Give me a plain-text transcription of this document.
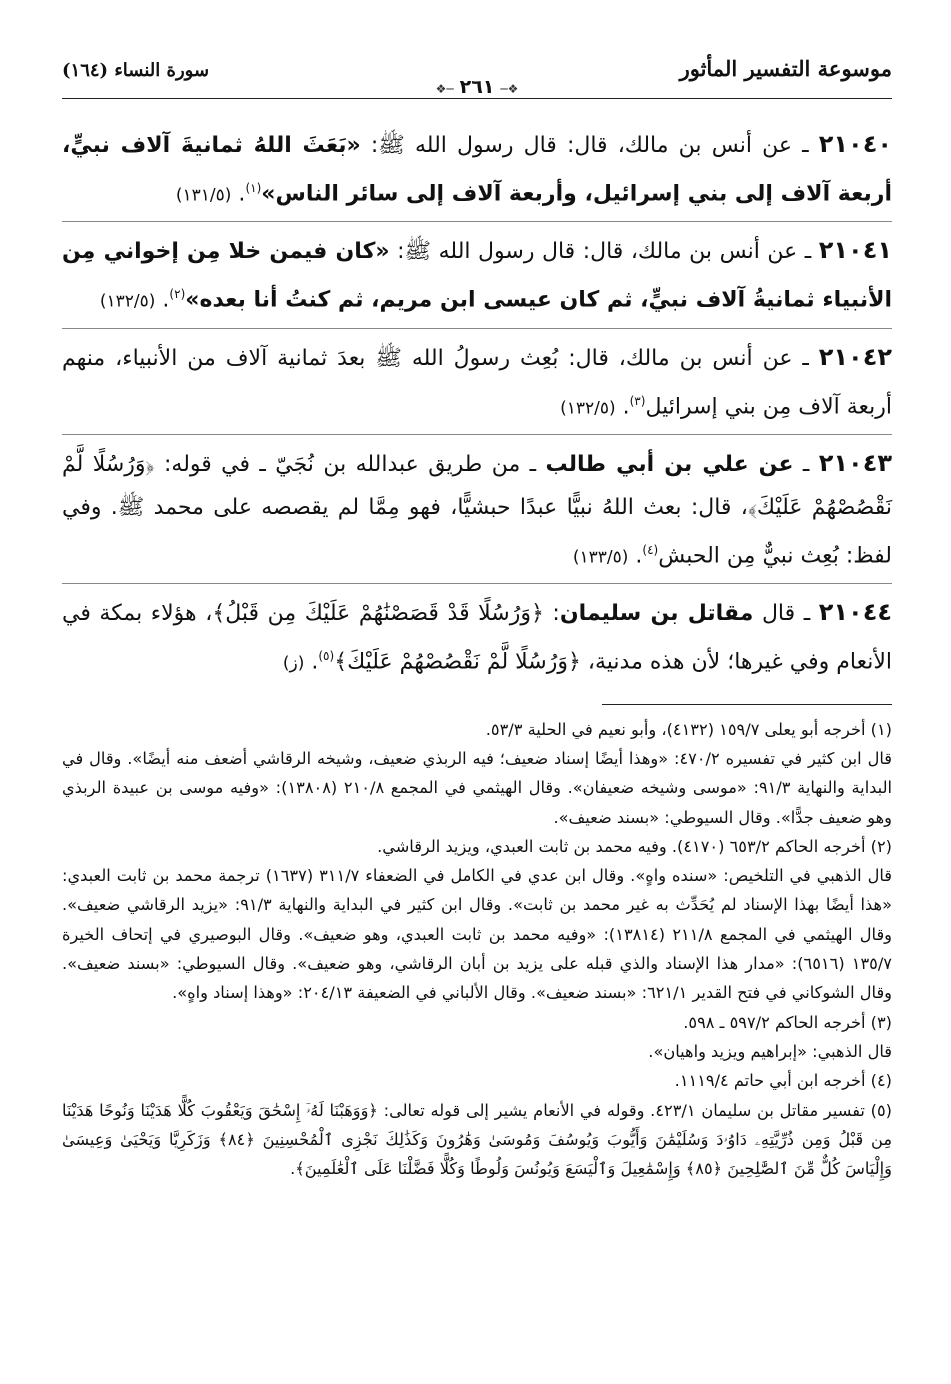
موسوعة التفسير المأثور
❖─٢٦١─❖
سورة النساء (١٦٤)

٢١٠٤٠ ـ عن أنس بن مالك، قال: قال رسول الله ﷺ: «بَعَثَ اللهُ ثمانيةَ آلاف نبيٍّ، أربعة آلاف إلى بني إسرائيل، وأربعة آلاف إلى سائر الناس»$^{(١)}$. (١٣١/٥)

٢١٠٤١ ـ عن أنس بن مالك، قال: قال رسول الله ﷺ: «كان فيمن خلا مِن إخواني مِن الأنبياء ثمانيةُ آلاف نبيٍّ، ثم كان عيسى ابن مريم، ثم كنتُ أنا بعده»$^{(٢)}$. (١٣٢/٥)

٢١٠٤٢ ـ عن أنس بن مالك، قال: بُعِث رسولُ الله ﷺ بعدَ ثمانية آلاف من الأنبياء، منهم أربعة آلاف مِن بني إسرائيل$^{(٣)}$. (١٣٢/٥)

٢١٠٤٣ ـ عن علي بن أبي طالب ـ من طريق عبدالله بن نُجَيّ ـ في قوله: ﴿وَرُسُلًا لَّمْ نَقْصُصْهُمْ عَلَيْكَ﴾، قال: بعث اللهُ نبيًّا عبدًا حبشيًّا، فهو مِمَّا لم يقصصه على محمد ﷺ. وفي لفظ: بُعِث نبيٌّ مِن الحبش$^{(٤)}$. (١٣٣/٥)

٢١٠٤٤ ـ قال مقاتل بن سليمان: ﴿وَرُسُلًا قَدْ قَصَصْنَٰهُمْ عَلَيْكَ مِن قَبْلُ﴾، هؤلاء بمكة في الأنعام وفي غيرها؛ لأن هذه مدنية، ﴿وَرُسُلًا لَّمْ نَقْصُصْهُمْ عَلَيْكَ﴾$^{(٥)}$. (ز)

(١) أخرجه أبو يعلى ١٥٩/٧ (٤١٣٢)، وأبو نعيم في الحلية ٥٣/٣.

قال ابن كثير في تفسيره ٤٧٠/٢: «وهذا أيضًا إسناد ضعيف؛ فيه الربذي ضعيف، وشيخه الرقاشي أضعف منه أيضًا». وقال في البداية والنهاية ٩١/٣: «موسى وشيخه ضعيفان». وقال الهيثمي في المجمع ٢١٠/٨ (١٣٨٠٨): «وفيه موسى بن عبيدة الربذي وهو ضعيف جدًّا». وقال السيوطي: «بسند ضعيف».

(٢) أخرجه الحاكم ٦٥٣/٢ (٤١٧٠). وفيه محمد بن ثابت العبدي، ويزيد الرقاشي.

قال الذهبي في التلخيص: «سنده واهٍ». وقال ابن عدي في الكامل في الضعفاء ٣١١/٧ (١٦٣٧) ترجمة محمد بن ثابت العبدي: «هذا أيضًا بهذا الإسناد لم يُحَدِّث به غير محمد بن ثابت». وقال ابن كثير في البداية والنهاية ٩١/٣: «يزيد الرقاشي ضعيف». وقال الهيثمي في المجمع ٢١١/٨ (١٣٨١٤): «وفيه محمد بن ثابت العبدي، وهو ضعيف». وقال البوصيري في إتحاف الخيرة ١٣٥/٧ (٦٥١٦): «مدار هذا الإسناد والذي قبله على يزيد بن أبان الرقاشي، وهو ضعيف». وقال السيوطي: «بسند ضعيف». وقال الشوكاني في فتح القدير ٦٢١/١: «بسند ضعيف». وقال الألباني في الضعيفة ٢٠٤/١٣: «وهذا إسناد واهٍ».

(٣) أخرجه الحاكم ٥٩٧/٢ ـ ٥٩٨.

قال الذهبي: «إبراهيم ويزيد واهيان».

(٤) أخرجه ابن أبي حاتم ١١١٩/٤.

(٥) تفسير مقاتل بن سليمان ٤٢٣/١. وقوله في الأنعام يشير إلى قوله تعالى: ﴿وَوَهَبْنَا لَهُۥٓ إِسْحَٰقَ وَيَعْقُوبَ كُلًّا هَدَيْنَا وَنُوحًا هَدَيْنَا مِن قَبْلُ وَمِن ذُرِّيَّتِهِۦ دَاوُۥدَ وَسُلَيْمَٰنَ وَأَيُّوبَ وَيُوسُفَ وَمُوسَىٰ وَهَٰرُونَ وَكَذَٰلِكَ نَجْزِى ٱلْمُحْسِنِينَ ﴿٨٤﴾ وَزَكَرِيَّا وَيَحْيَىٰ وَعِيسَىٰ وَإِلْيَاسَ كُلٌّ مِّنَ ٱلصَّٰلِحِينَ ﴿٨٥﴾ وَإِسْمَٰعِيلَ وَٱلْيَسَعَ وَيُونُسَ وَلُوطًا وَكُلًّا فَضَّلْنَا عَلَى ٱلْعَٰلَمِينَ﴾.
